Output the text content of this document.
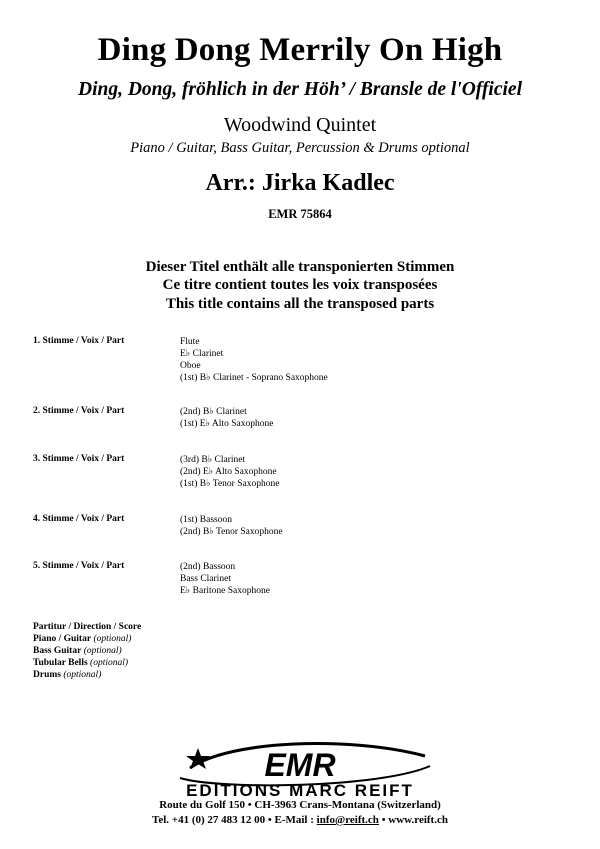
Ding Dong Merrily On High
Ding, Dong, fröhlich in der Höh’ / Bransle de l'Officiel
Woodwind Quintet
Piano / Guitar, Bass Guitar, Percussion & Drums optional
Arr.: Jirka Kadlec
EMR 75864
Dieser Titel enthält alle transponierten Stimmen
Ce titre contient toutes les voix transposées
This title contains all the transposed parts
1. Stimme / Voix / Part	Flute
E♭ Clarinet
Oboe
(1st) B♭ Clarinet - Soprano Saxophone
2. Stimme / Voix / Part	(2nd) B♭ Clarinet
(1st) E♭ Alto Saxophone
3. Stimme / Voix / Part	(3rd) B♭ Clarinet
(2nd) E♭ Alto Saxophone
(1st) B♭ Tenor Saxophone
4. Stimme / Voix / Part	(1st) Bassoon
(2nd) B♭ Tenor Saxophone
5. Stimme / Voix / Part	(2nd) Bassoon
Bass Clarinet
E♭ Baritone Saxophone
Partitur / Direction / Score
Piano / Guitar (optional)
Bass Guitar (optional)
Tubular Bells (optional)
Drums (optional)
EMR
EDITIONS MARC REIFT
Route du Golf 150 • CH-3963 Crans-Montana (Switzerland)
Tel. +41 (0) 27 483 12 00 • E-Mail : info@reift.ch • www.reift.ch
